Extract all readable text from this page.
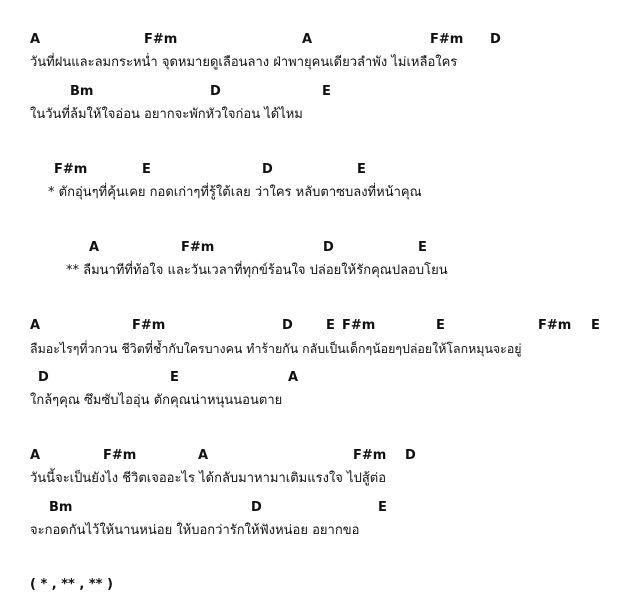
A	F#m	A	F#m D
วันที่ฝนและลมกระหน่ำ จุดหมายดูเลือนลาง ฝ่าพายุคนเดียวลำพัง ไม่เหลือใคร
Bm	D	E
ในวันที่ล้มให้ใจอ่อน อยากจะพักหัวใจก่อน ได้ไหม
F#m	E	D	E
* ตักอุ่นๆที่คุ้นเคย กอดเก่าๆที่รู้ใต้เลย ว่าใคร หลับตาซบลงที่หน้าคุณ
A	F#m	D	E
** ลืมนาทีที่ท้อใจ และวันเวลาที่ทุกข์ร้อนใจ ปล่อยให้รักคุณปลอบโยน
A	F#m	D	E F#m	E	F#m E
ลืมอะไรๆที่วกวน ชีวิตที่ช้ำกับใครบางคน ทำร้ายกัน กลับเป็นเด็กๆน้อยๆปล่อยให้โลกหมุนจะอยู่
D	E	A
ใกล้ๆคุณ ซึมซับไออุ่น ตักคุณน่าหนุนนอนตาย
A	F#m	A	F#m D
วันนี้จะเป็นยังไง ชีวิตเจออะไร ได้กลับมาหามาเติมแรงใจ ไปสู้ต่อ
Bm	D	E
จะกอดกันไว้ให้นานหน่อย ให้บอกว่ารักให้ฟังหน่อย อยากขอ
( * , ** , ** )
